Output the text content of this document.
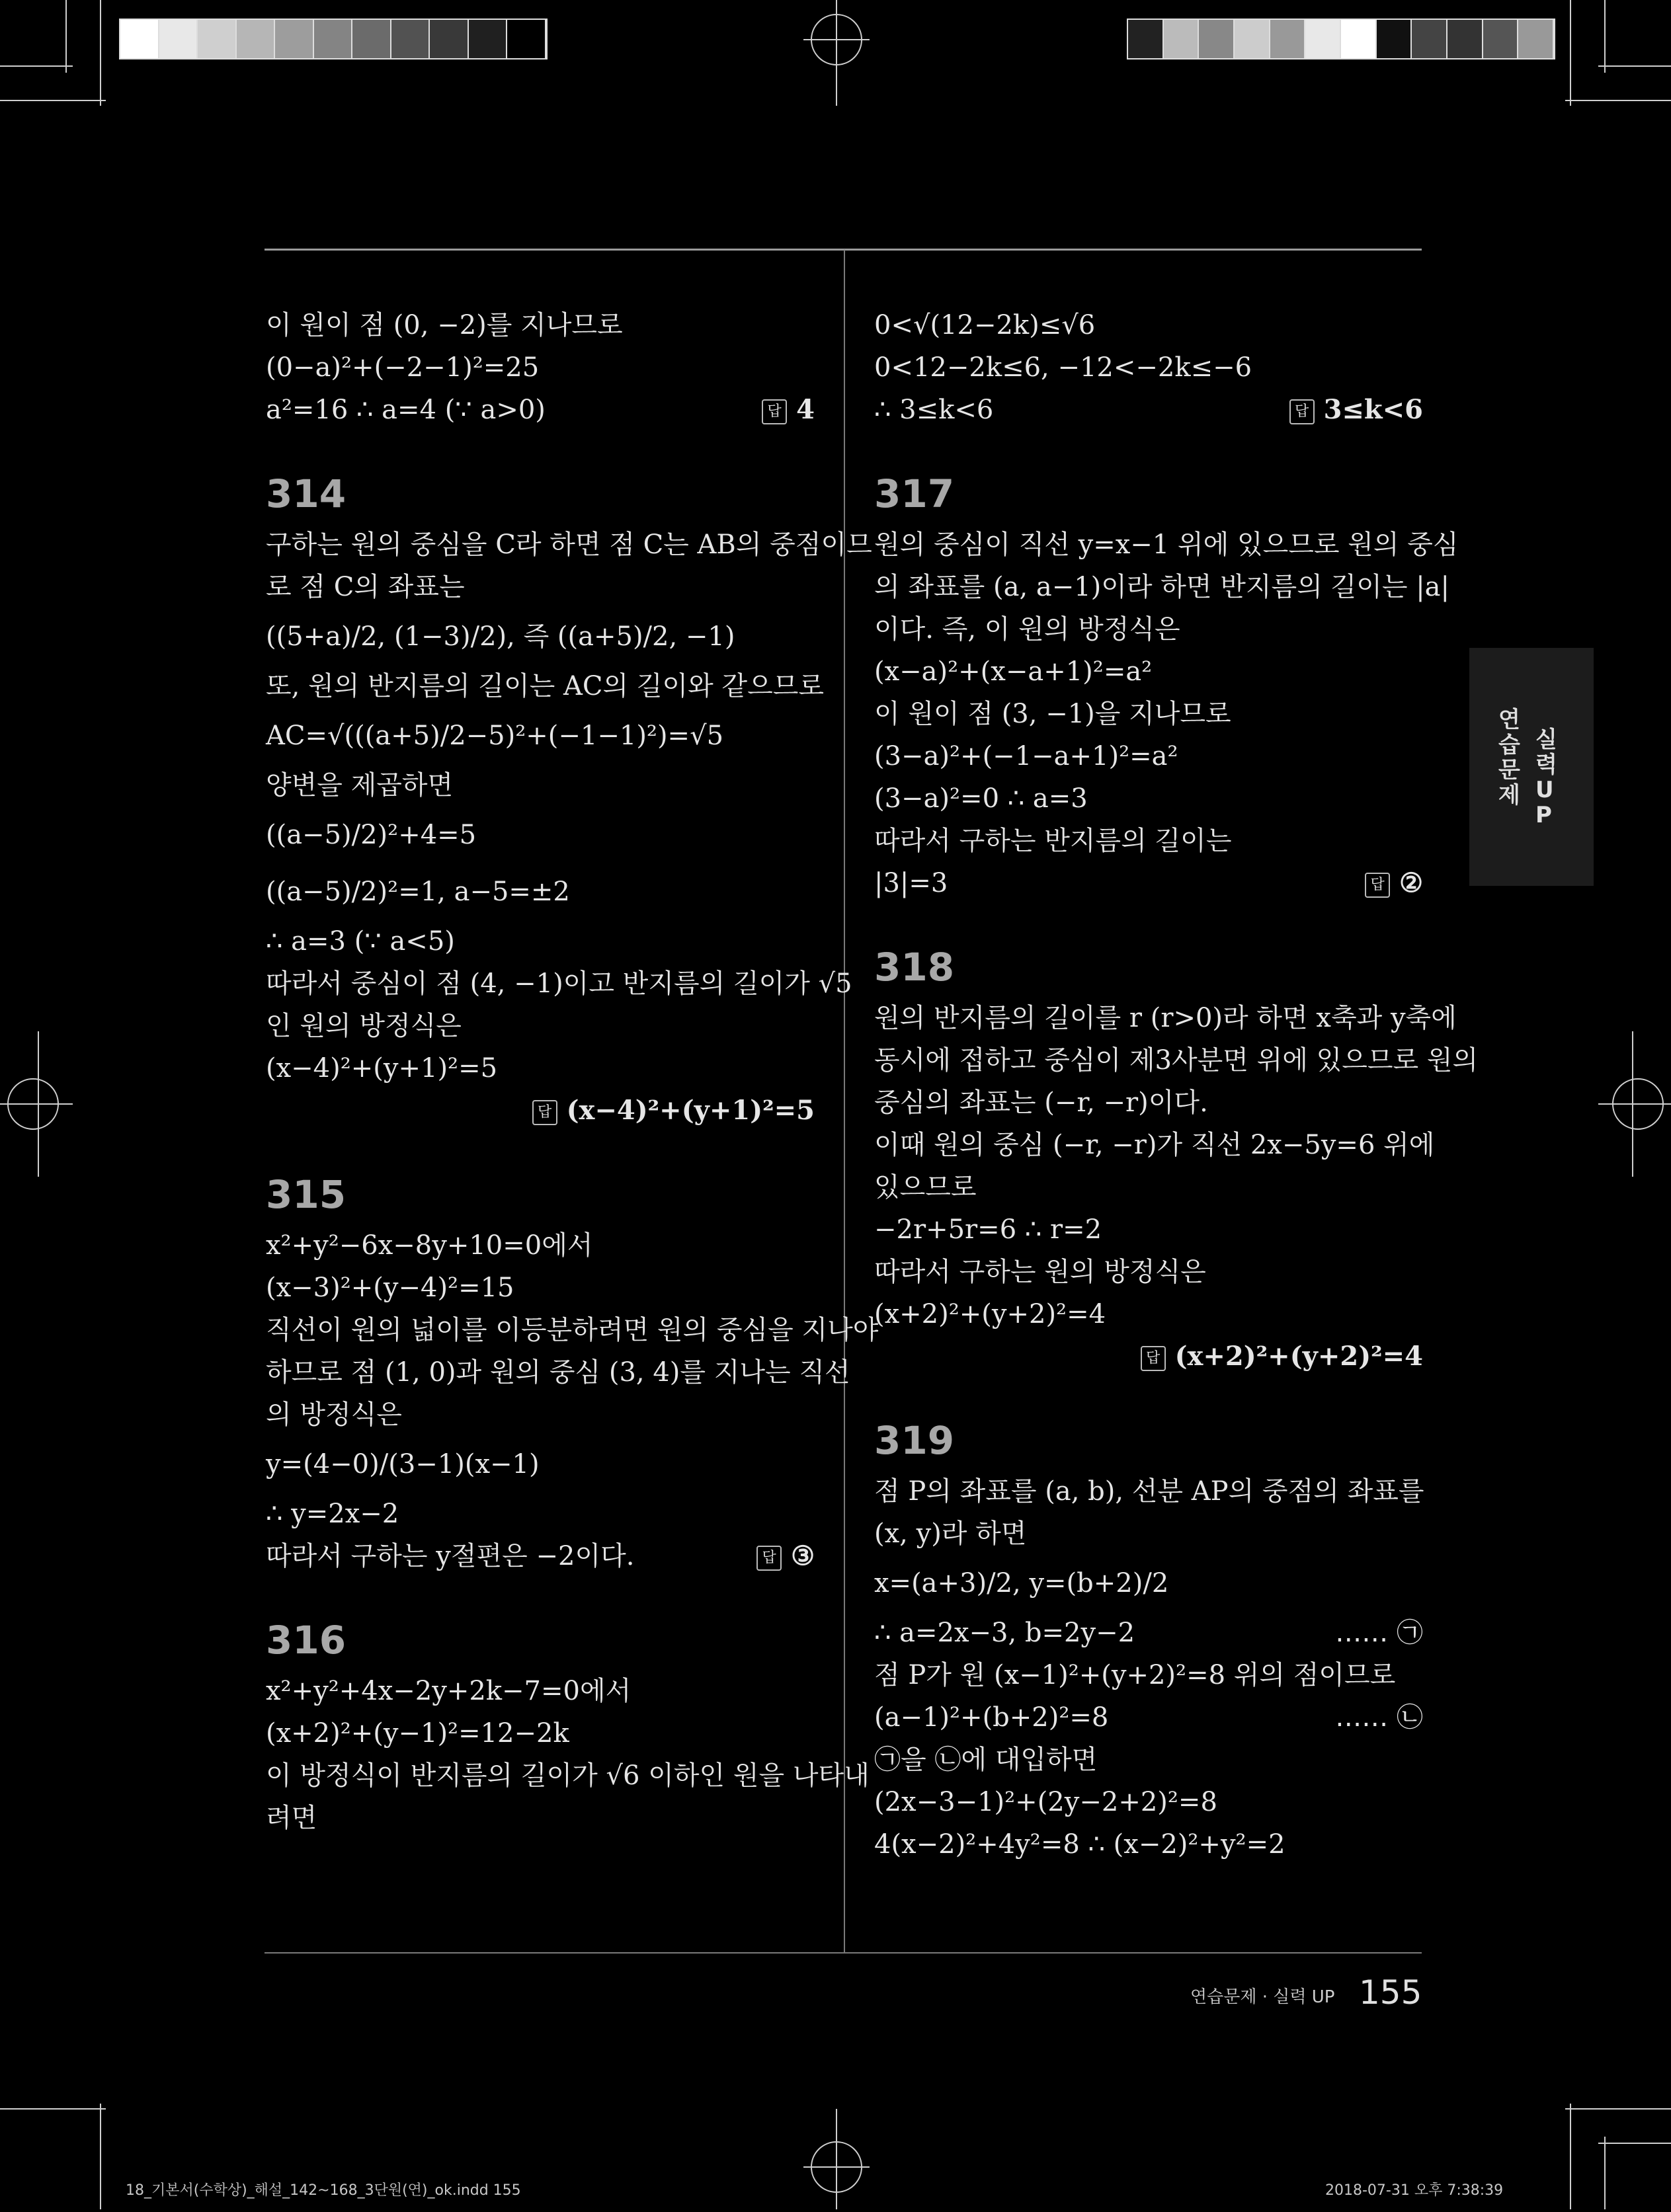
이 원이 점 (0, −2)를 지나므로
(0−a)²+(−2−1)²=25
a²=16 ∴ a=4 (∵ a>0)	답 4
314
구하는 원의 중심을 C라 하면 점 C는 AB의 중점이므
로 점 C의 좌표는
((5+a)/2, (1−3)/2), 즉 ((a+5)/2, −1)
또, 원의 반지름의 길이는 AC의 길이와 같으므로
AC=√(((a+5)/2−5)²+(−1−1)²)=√5
양변을 제곱하면
((a−5)/2)²+4=5
((a−5)/2)²=1, a−5=±2
∴ a=3 (∵ a<5)
따라서 중심이 점 (4, −1)이고 반지름의 길이가 √5
인 원의 방정식은
(x−4)²+(y+1)²=5
답 (x−4)²+(y+1)²=5
315
x²+y²−6x−8y+10=0에서
(x−3)²+(y−4)²=15
직선이 원의 넓이를 이등분하려면 원의 중심을 지나야
하므로 점 (1, 0)과 원의 중심 (3, 4)를 지나는 직선
의 방정식은
y=(4−0)/(3−1)(x−1)
∴ y=2x−2
따라서 구하는 y절편은 −2이다.	답 ③
316
x²+y²+4x−2y+2k−7=0에서
(x+2)²+(y−1)²=12−2k
이 방정식이 반지름의 길이가 √6 이하인 원을 나타내
려면
0<√(12−2k)≤√6
0<12−2k≤6, −12<−2k≤−6
∴ 3≤k<6	답 3≤k<6
317
원의 중심이 직선 y=x−1 위에 있으므로 원의 중심
의 좌표를 (a, a−1)이라 하면 반지름의 길이는 |a|
이다. 즉, 이 원의 방정식은
(x−a)²+(x−a+1)²=a²
이 원이 점 (3, −1)을 지나므로
(3−a)²+(−1−a+1)²=a²
(3−a)²=0 ∴ a=3
따라서 구하는 반지름의 길이는
|3|=3	답 ②
318
원의 반지름의 길이를 r (r>0)라 하면 x축과 y축에
동시에 접하고 중심이 제3사분면 위에 있으므로 원의
중심의 좌표는 (−r, −r)이다.
이때 원의 중심 (−r, −r)가 직선 2x−5y=6 위에
있으므로
−2r+5r=6 ∴ r=2
따라서 구하는 원의 방정식은
(x+2)²+(y+2)²=4
답 (x+2)²+(y+2)²=4
319
점 P의 좌표를 (a, b), 선분 AP의 중점의 좌표를
(x, y)라 하면
x=(a+3)/2, y=(b+2)/2
∴ a=2x−3, b=2y−2	…… ㉠
점 P가 원 (x−1)²+(y+2)²=8 위의 점이므로
(a−1)²+(b+2)²=8	…… ㉡
㉠을 ㉡에 대입하면
(2x−3−1)²+(2y−2+2)²=8
4(x−2)²+4y²=8 ∴ (x−2)²+y²=2
연습문제
실력UP
연습문제 · 실력 UP 155
18_기본서(수학상)_해설_142~168_3단원(연)_ok.indd 155	2018-07-31 오후 7:38:39
